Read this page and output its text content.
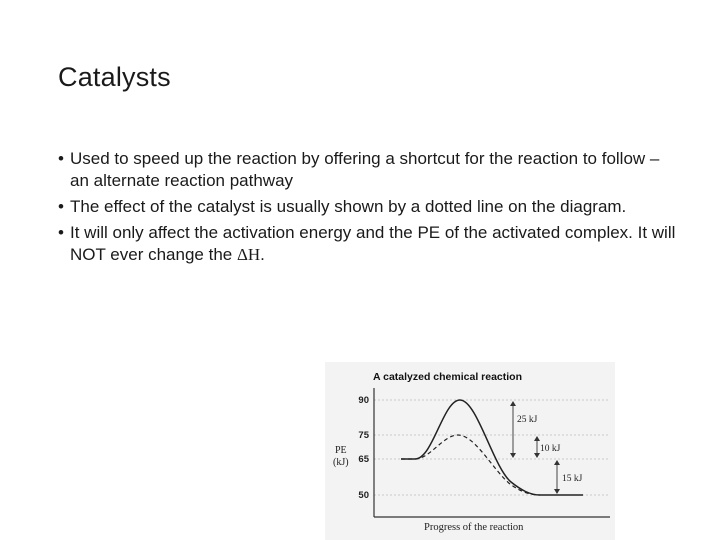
Catalysts
• Used to speed up the reaction by offering a shortcut for the reaction to follow – an alternate reaction pathway
• The effect of the catalyst is usually shown by a dotted line on the diagram.
• It will only affect the activation energy and the PE of the activated complex. It will NOT ever change the ΔH.
A catalyzed chemical reaction
90
75
65
50
PE
(kJ)
25 kJ
10 kJ
15 kJ
Progress of the reaction
